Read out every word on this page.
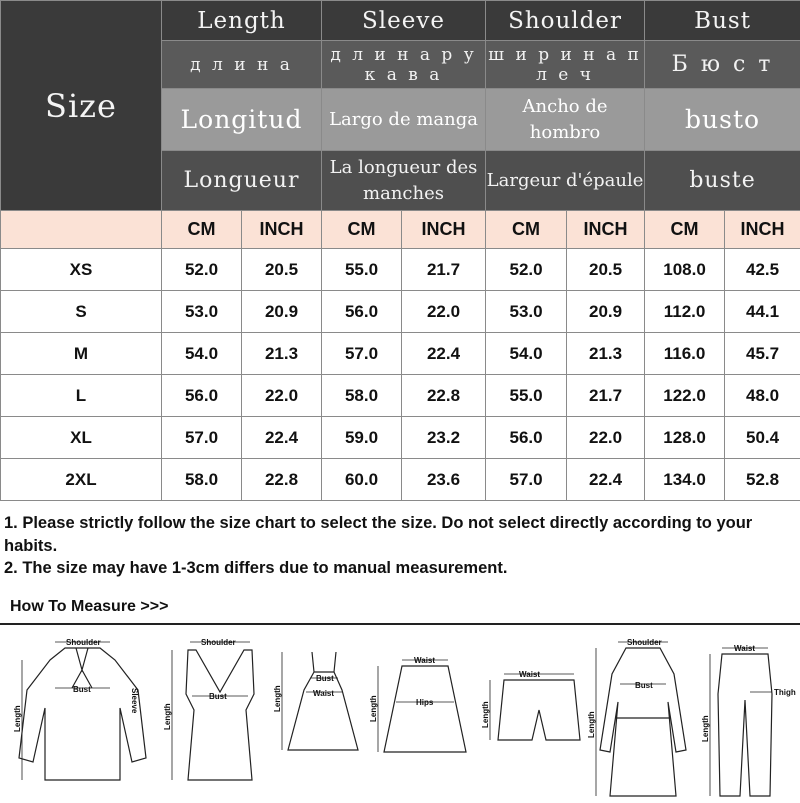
Size	Length		Sleeve		Shoulder		Bust	
	д л и н а		д л и н а р у к а в а		ш и р и н а п л е ч		Б ю с т	
	Longitud		Largo de manga		Ancho de hombro		busto	
	Longueur		La longueur des manches		Largeur d'épaule		buste	
	CM	INCH	CM	INCH	CM	INCH	CM	INCH
XS	52.0	20.5	55.0	21.7	52.0	20.5	108.0	42.5
S	53.0	20.9	56.0	22.0	53.0	20.9	112.0	44.1
M	54.0	21.3	57.0	22.4	54.0	21.3	116.0	45.7
L	56.0	22.0	58.0	22.8	55.0	21.7	122.0	48.0
XL	57.0	22.4	59.0	23.2	56.0	22.0	128.0	50.4
2XL	58.0	22.8	60.0	23.6	57.0	22.4	134.0	52.8
1. Please strictly follow the size chart to select the size. Do not select directly according to your habits.
2. The size may have 1-3cm differs due to manual measurement.
How To Measure >>>
Shoulder
Bust
Length
Sleeve
Shoulder
Bust
Length
Bust
Waist
Length
Waist
Hips
Length
Waist
Length
Shoulder
Bust
Length
Waist
Thigh
Length
